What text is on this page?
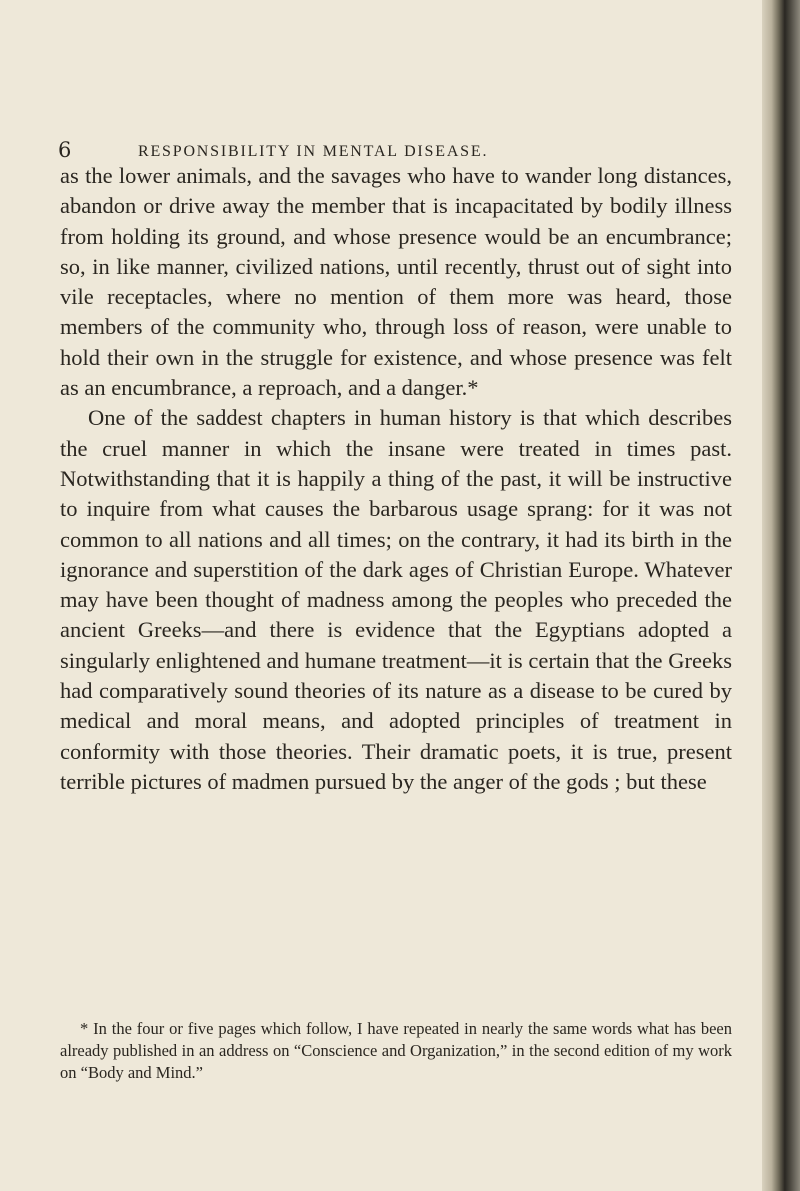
6	RESPONSIBILITY IN MENTAL DISEASE.

as the lower animals, and the savages who have to wander long distances, abandon or drive away the member that is incapacitated by bodily illness from holding its ground, and whose presence would be an encumbrance; so, in like manner, civilized nations, until recently, thrust out of sight into vile receptacles, where no mention of them more was heard, those members of the community who, through loss of reason, were unable to hold their own in the struggle for existence, and whose presence was felt as an encumbrance, a reproach, and a danger.*

One of the saddest chapters in human history is that which describes the cruel manner in which the insane were treated in times past. Notwithstanding that it is happily a thing of the past, it will be instructive to inquire from what causes the barbarous usage sprang: for it was not common to all nations and all times; on the contrary, it had its birth in the ignorance and superstition of the dark ages of Christian Europe. Whatever may have been thought of madness among the peoples who preceded the ancient Greeks—and there is evidence that the Egyptians adopted a singularly enlightened and humane treatment—it is certain that the Greeks had comparatively sound theories of its nature as a disease to be cured by medical and moral means, and adopted principles of treatment in conformity with those theories. Their dramatic poets, it is true, present terrible pictures of madmen pursued by the anger of the gods ; but these

* In the four or five pages which follow, I have repeated in nearly the same words what has been already published in an address on “Conscience and Organization,” in the second edition of my work on “Body and Mind.”
